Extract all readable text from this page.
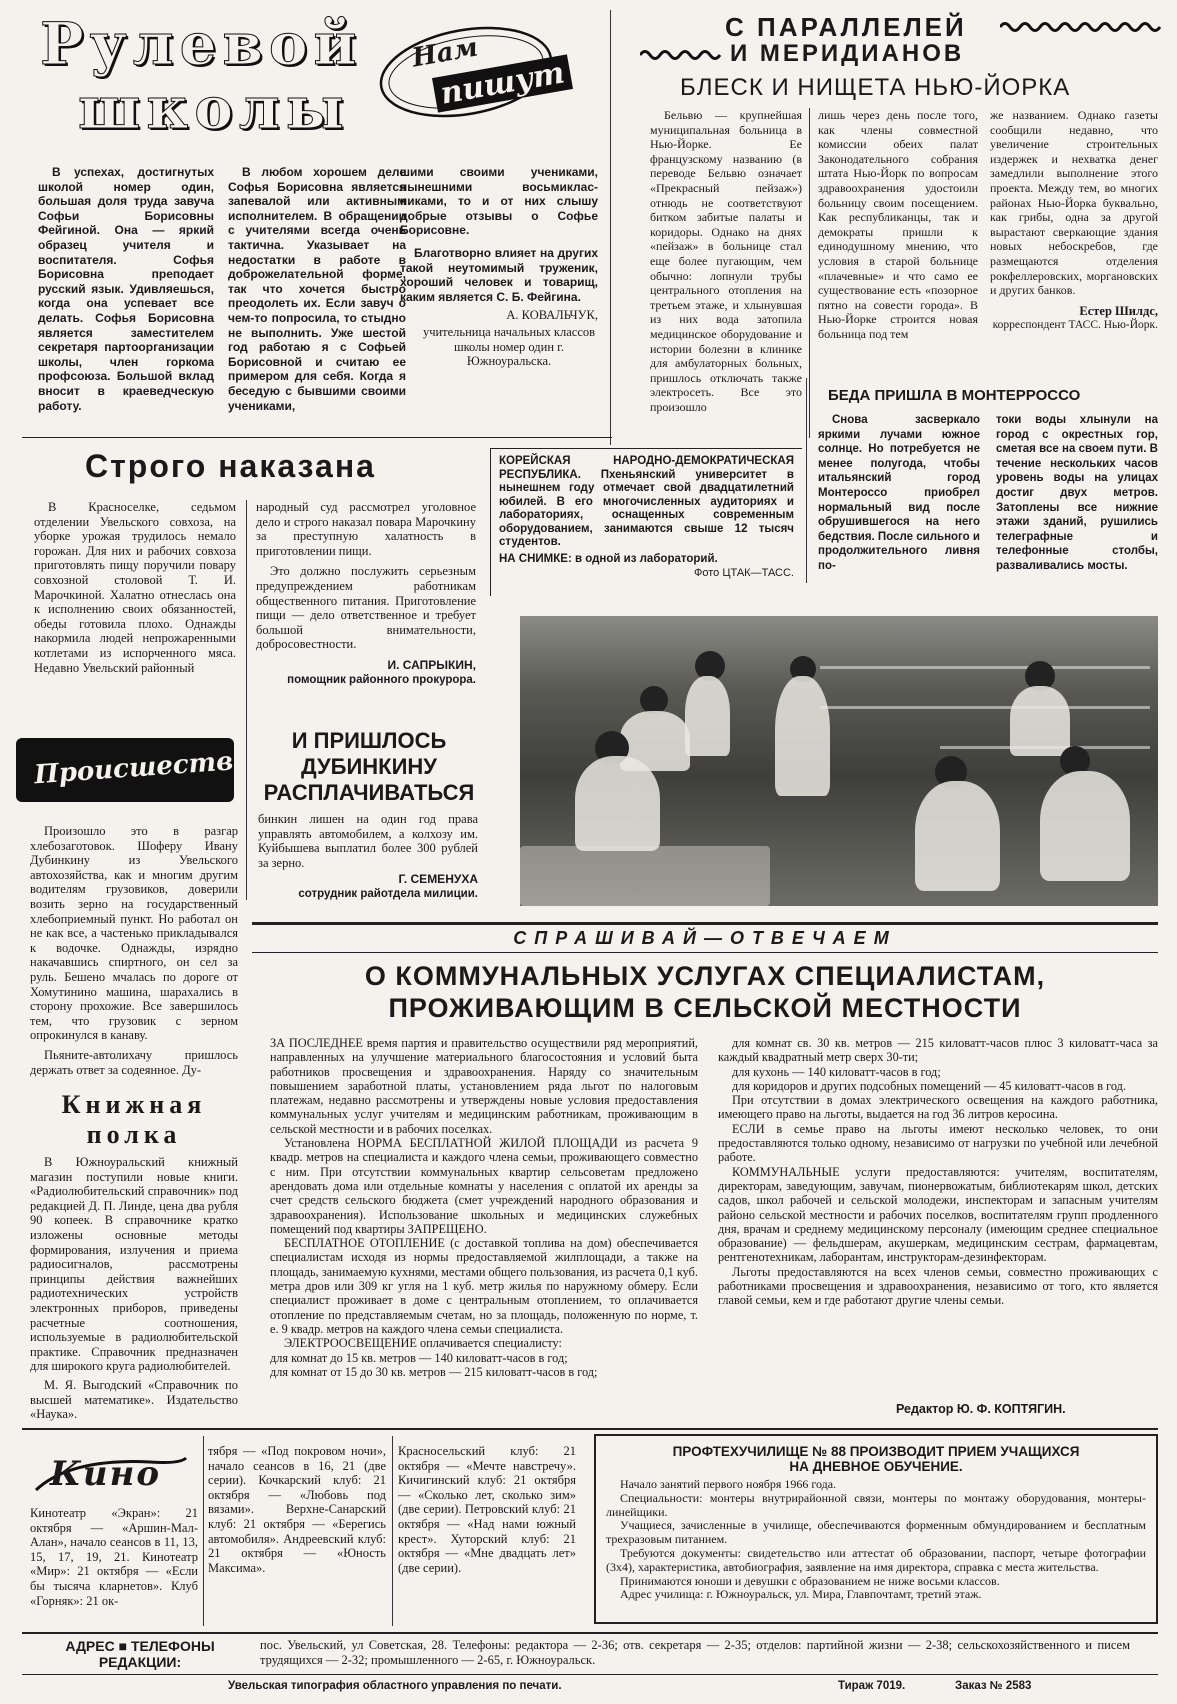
Рулевой
школы
Нам
пишут
В успехах, достигнутых школой номер один, большая доля труда завуча Софьи Борисовны Фейгиной. Она — яркий образец учителя и воспитателя. Софья Борисовна преподает русский язык. Удивляешься, когда она успевает все делать. Софья Борисовна является заместителем секретаря партоорганизации школы, член горкома профсоюза. Большой вклад вносит в краеведческую работу.
В любом хорошем деле Софья Борисовна является запевалой или активным исполнителем. В обращении с учителями всегда очень тактична. Указывает на недостатки в работе в доброжелательной форме, так что хочется быстро преодолеть их. Если завуч о чем-то попросила, то стыдно не выполнить. Уже шестой год работаю я с Софьей Борисовной и считаю ее примером для себя. Когда я беседую с бывшими своими учениками,
шими своими учениками, нынешними восьмиклас-никами, то и от них слышу добрые отзывы о Софье Борисовне.
Благотворно влияет на других такой неутомимый труженик, хороший человек и товарищ, каким является С. Б. Фейгина.
А. КОВАЛЬЧУК,
учительница начальных классов школы номер один г. Южноуральска.
С ПАРАЛЛЕЛЕЙ
И МЕРИДИАНОВ
БЛЕСК И НИЩЕТА НЬЮ-ЙОРКА
Бельвю — крупнейшая муниципальная больница в Нью-Йорке. Ее французскому названию (в переводе Бельвю означает «Прекрасный пейзаж») отнюдь не соответствуют битком забитые палаты и коридоры. Однако на днях «пейзаж» в больнице стал еще более пугающим, чем обычно: лопнули трубы центрального отопления на третьем этаже, и хлынувшая из них вода затопила медицинское оборудование и истории болезни в клинике для амбулаторных больных, пришлось отключать также электросеть. Все это произошло
лишь через день после того, как члены совместной комиссии обеих палат Законодательного собрания штата Нью-Йорк по вопросам здравоохранения удостоили больницу своим посещением. Как республиканцы, так и демократы пришли к единодушному мнению, что условия в старой больнице «плачевные» и что само ее существование есть «позорное пятно на совести города». В Нью-Йорке строится новая больница под тем
же названием. Однако газеты сообщили недавно, что увеличение строительных издержек и нехватка денег замедлили выполнение этого проекта. Между тем, во многих районах Нью-Йорка буквально, как грибы, одна за другой вырастают сверкающие здания новых небоскребов, где размещаются отделения рокфеллеровских, моргановских и других банков.
Естер Шилдс,
корреспондент ТАСС. Нью-Йорк.
БЕДА ПРИШЛА В МОНТЕРРОССО
Снова засверкало яркими лучами южное солнце. Но потребуется не менее полугода, чтобы итальянский город Монтероссо приобрел нормальный вид после обрушившегося на него бедствия. После сильного и продолжительного ливня по-
токи воды хлынули на город с окрестных гор, сметая все на своем пути. В течение нескольких часов уровень воды на улицах достиг двух метров. Затоплены все нижние этажи зданий, рушились телеграфные и телефонные столбы, разваливались мосты.
Строго наказана
В Красноселке, седьмом отделении Увельского совхоза, на уборке урожая трудилось немало горожан. Для них и рабочих совхоза приготовлять пищу поручили повару совхозной столовой Т. И. Марочкиной. Халатно отнеслась она к исполнению своих обязанностей, обеды готовила плохо. Однажды накормила людей непрожаренными котлетами из испорченного мяса. Недавно Увельский районный
народный суд рассмотрел уголовное дело и строго наказал повара Марочкину за преступную халатность в приготовлении пищи.
Это должно послужить серьезным предупреждением работникам общественного питания. Приготовление пищи — дело ответственное и требует большой внимательности, добросовестности.
И. САПРЫКИН,
помощник районного прокурора.
КОРЕЙСКАЯ НАРОДНО-ДЕМОКРАТИЧЕСКАЯ РЕСПУБЛИКА. Пхеньянский университет в нынешнем году отмечает свой двадцатилетний юбилей. В его многочисленных аудиториях и лабораториях, оснащенных современным оборудованием, занимаются свыше 12 тысяч студентов.
НА СНИМКЕ: в одной из лабораторий.
Фото ЦТАК—ТАСС.
Происшествия
Произошло это в разгар хлебозаготовок. Шоферу Ивану Дубинкину из Увельского автохозяйства, как и многим другим водителям грузовиков, доверили возить зерно на государственный хлебоприемный пункт. Но работал он не как все, а частенько прикладывался к водочке. Однажды, изрядно накачавшись спиртного, он сел за руль. Бешено мчалась по дороге от Хомутинино машина, шарахались в сторону прохожие. Все завершилось тем, что грузовик с зерном опрокинулся в канаву.
Пьяните-автолихачу пришлось держать ответ за содеянное. Ду-
И ПРИШЛОСЬ ДУБИНКИНУ РАСПЛАЧИВАТЬСЯ
бинкин лишен на один год права управлять автомобилем, а колхозу им. Куйбышева выплатил более 300 рублей за зерно.
Г. СЕМЕНУХА
сотрудник райотдела милиции.
Книжная
полка
В Южноуральский книжный магазин поступили новые книги. «Радиолюбительский справочник» под редакцией Д. П. Линде, цена два рубля 90 копеек. В справочнике кратко изложены основные методы формирования, излучения и приема радиосигналов, рассмотрены принципы действия важнейших радиотехнических устройств электронных приборов, приведены расчетные соотношения, используемые в радиолюбительской практике. Справочник предназначен для широкого круга радиолюбителей.
М. Я. Выгодский «Справочник по высшей математике». Издательство «Наука».
СПРАШИВАЙ—ОТВЕЧАЕМ
О КОММУНАЛЬНЫХ УСЛУГАХ СПЕЦИАЛИСТАМ,
ПРОЖИВАЮЩИМ В СЕЛЬСКОЙ МЕСТНОСТИ

ЗА ПОСЛЕДНЕЕ время партия и правительство осуществили ряд мероприятий, направленных на улучшение материального благосостояния и условий быта работников просвещения и здравоохранения. Наряду со значительным повышением заработной платы, установлением ряда льгот по налоговым платежам, недавно рассмотрены и утверждены новые условия предоставления коммунальных услуг учителям и медицинским работникам, проживающим в сельской местности и в рабочих поселках.

Установлена НОРМА БЕСПЛАТНОЙ ЖИЛОЙ ПЛОЩАДИ из расчета 9 квадр. метров на специалиста и каждого члена семьи, проживающего совместно с ним. При отсутствии коммунальных квартир сельсоветам предложено арендовать дома или отдельные комнаты у населения с оплатой их аренды за счет средств сельского бюджета (смет учреждений народного образования и здравоохранения). Использование школьных и медицинских служебных помещений под квартиры ЗАПРЕЩЕНО.

БЕСПЛАТНОЕ ОТОПЛЕНИЕ (с доставкой топлива на дом) обеспечивается специалистам исходя из нормы предоставляемой жилплощади, а также на площадь, занимаемую кухнями, местами общего пользования, из расчета 0,1 куб. метра дров или 309 кг угля на 1 куб. метр жилья по наружному обмеру. Если специалист проживает в доме с центральным отоплением, то оплачивается отопление по представляемым счетам, но за площадь, положенную по норме, т. е. 9 квадр. метров на каждого члена семьи специалиста.

ЭЛЕКТРООСВЕЩЕНИЕ оплачивается специалисту:

для комнат до 15 кв. метров — 140 киловатт-часов в год;

для комнат от 15 до 30 кв. метров — 215 киловатт-часов в год;

для комнат св. 30 кв. метров — 215 киловатт-часов плюс 3 киловатт-часа за каждый квадратный метр сверх 30-ти;

для кухонь — 140 киловатт-часов в год;

для коридоров и других подсобных помещений — 45 киловатт-часов в год.

При отсутствии в домах электрического освещения на каждого работника, имеющего право на льготы, выдается на год 36 литров керосина.

ЕСЛИ в семье право на льготы имеют несколько человек, то они предоставляются только одному, независимо от нагрузки по учебной или лечебной работе.

КОММУНАЛЬНЫЕ услуги предоставляются: учителям, воспитателям, директорам, заведующим, завучам, пионервожатым, библиотекарям школ, детских садов, школ рабочей и сельской молодежи, инспекторам и запасным учителям районо сельской местности и рабочих поселков, воспитателям групп продленного дня, врачам и среднему медицинскому персоналу (имеющим среднее специальное образование) — фельдшерам, акушеркам, медицинским сестрам, фармацевтам, рентгенотехникам, лаборантам, инструкторам-дезинфекторам.

Льготы предоставляются на всех членов семьи, совместно проживающих с работниками просвещения и здравоохранения, независимо от того, кто является главой семьи, кем и где работают другие члены семьи.

Редактор Ю. Ф. КОПТЯГИН.
Кино
Кинотеатр «Экран»: 21 октября — «Аршин-Мал-Алан», начало сеансов в 11, 13, 15, 17, 19, 21. Кинотеатр «Мир»: 21 октября — «Если бы тысяча кларнетов». Клуб «Горняк»: 21 ок-
тября — «Под покровом ночи», начало сеансов в 16, 21 (две серии). Кочкарский клуб: 21 октября — «Любовь под вязами». Верхне-Санарский клуб: 21 октября — «Берегись автомобиля». Андреевский клуб: 21 октября — «Юность Максима».
Красносельский клуб: 21 октября — «Мечте навстречу». Кичигинский клуб: 21 октября — «Сколько лет, сколько зим» (две серии). Петровский клуб: 21 октября — «Над нами южный крест». Хуторский клуб: 21 октября — «Мне двадцать лет» (две серии).
ПРОФТЕХУЧИЛИЩЕ № 88 ПРОИЗВОДИТ ПРИЕМ УЧАЩИХСЯ
НА ДНЕВНОЕ ОБУЧЕНИЕ.

Начало занятий первого ноября 1966 года.

Специальности: монтеры внутрирайонной связи, монтеры по монтажу оборудования, монтеры-линейщики.

Учащиеся, зачисленные в училище, обеспечиваются форменным обмундированием и бесплатным трехразовым питанием.

Требуются документы: свидетельство или аттестат об образовании, паспорт, четыре фотографии (3х4), характеристика, автобиография, заявление на имя директора, справка с места жительства.

Принимаются юноши и девушки с образованием не ниже восьми классов.

Адрес училища: г. Южноуральск, ул. Мира, Главпочтамт, третий этаж.

АДРЕС ■ ТЕЛЕФОНЫ РЕДАКЦИИ:
пос. Увельский, ул Советская, 28. Телефоны: редактора — 2-36; отв. секретаря — 2-35; отделов: партийной жизни — 2-38; сельскохозяйственного и писем трудящихся — 2-32; промышленного — 2-65, г. Южноуральск.
Увельская типография областного управления по печати.	Тираж 7019.	Заказ № 2583
